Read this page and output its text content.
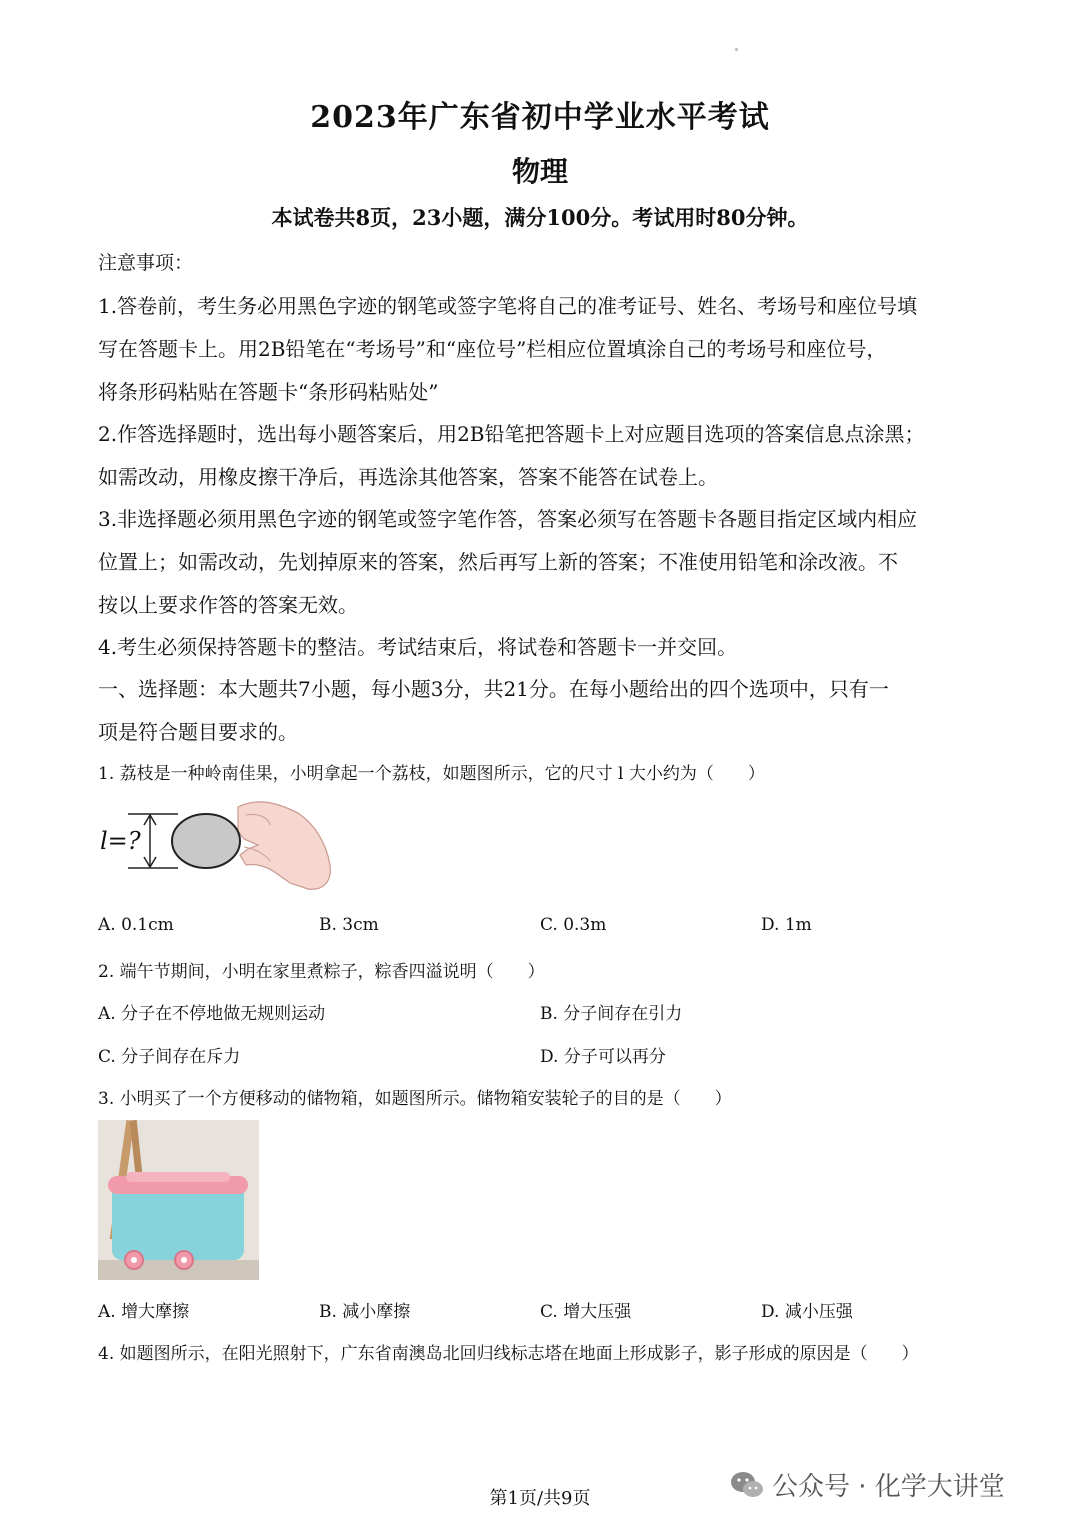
2023年广东省初中学业水平考试
物理
本试卷共8页，23小题，满分100分。考试用时80分钟。
注意事项：
1.答卷前，考生务必用黑色字迹的钢笔或签字笔将自己的准考证号、姓名、考场号和座位号填
写在答题卡上。用2B铅笔在“考场号”和“座位号”栏相应位置填涂自己的考场号和座位号，
将条形码粘贴在答题卡“条形码粘贴处”
2.作答选择题时，选出每小题答案后，用2B铅笔把答题卡上对应题目选项的答案信息点涂黑；
如需改动，用橡皮擦干净后，再选涂其他答案，答案不能答在试卷上。
3.非选择题必须用黑色字迹的钢笔或签字笔作答，答案必须写在答题卡各题目指定区域内相应
位置上；如需改动，先划掉原来的答案，然后再写上新的答案；不准使用铅笔和涂改液。不
按以上要求作答的答案无效。
4.考生必须保持答题卡的整洁。考试结束后，将试卷和答题卡一并交回。
一、选择题：本大题共7小题，每小题3分，共21分。在每小题给出的四个选项中，只有一
项是符合题目要求的。
1. 荔枝是一种岭南佳果，小明拿起一个荔枝，如题图所示，它的尺寸 l 大小约为（　　）
l=?
A. 0.1cm	B. 3cm	C. 0.3m	D. 1m
2. 端午节期间，小明在家里煮粽子，粽香四溢说明（　　）
A. 分子在不停地做无规则运动	B. 分子间存在引力
C. 分子间存在斥力	D. 分子可以再分
3. 小明买了一个方便移动的储物箱，如题图所示。储物箱安装轮子的目的是（　　）
A. 增大摩擦	B. 减小摩擦	C. 增大压强	D. 减小压强
4. 如题图所示，在阳光照射下，广东省南澳岛北回归线标志塔在地面上形成影子，影子形成的原因是（　　）
第1页/共9页	公众号 · 化学大讲堂
